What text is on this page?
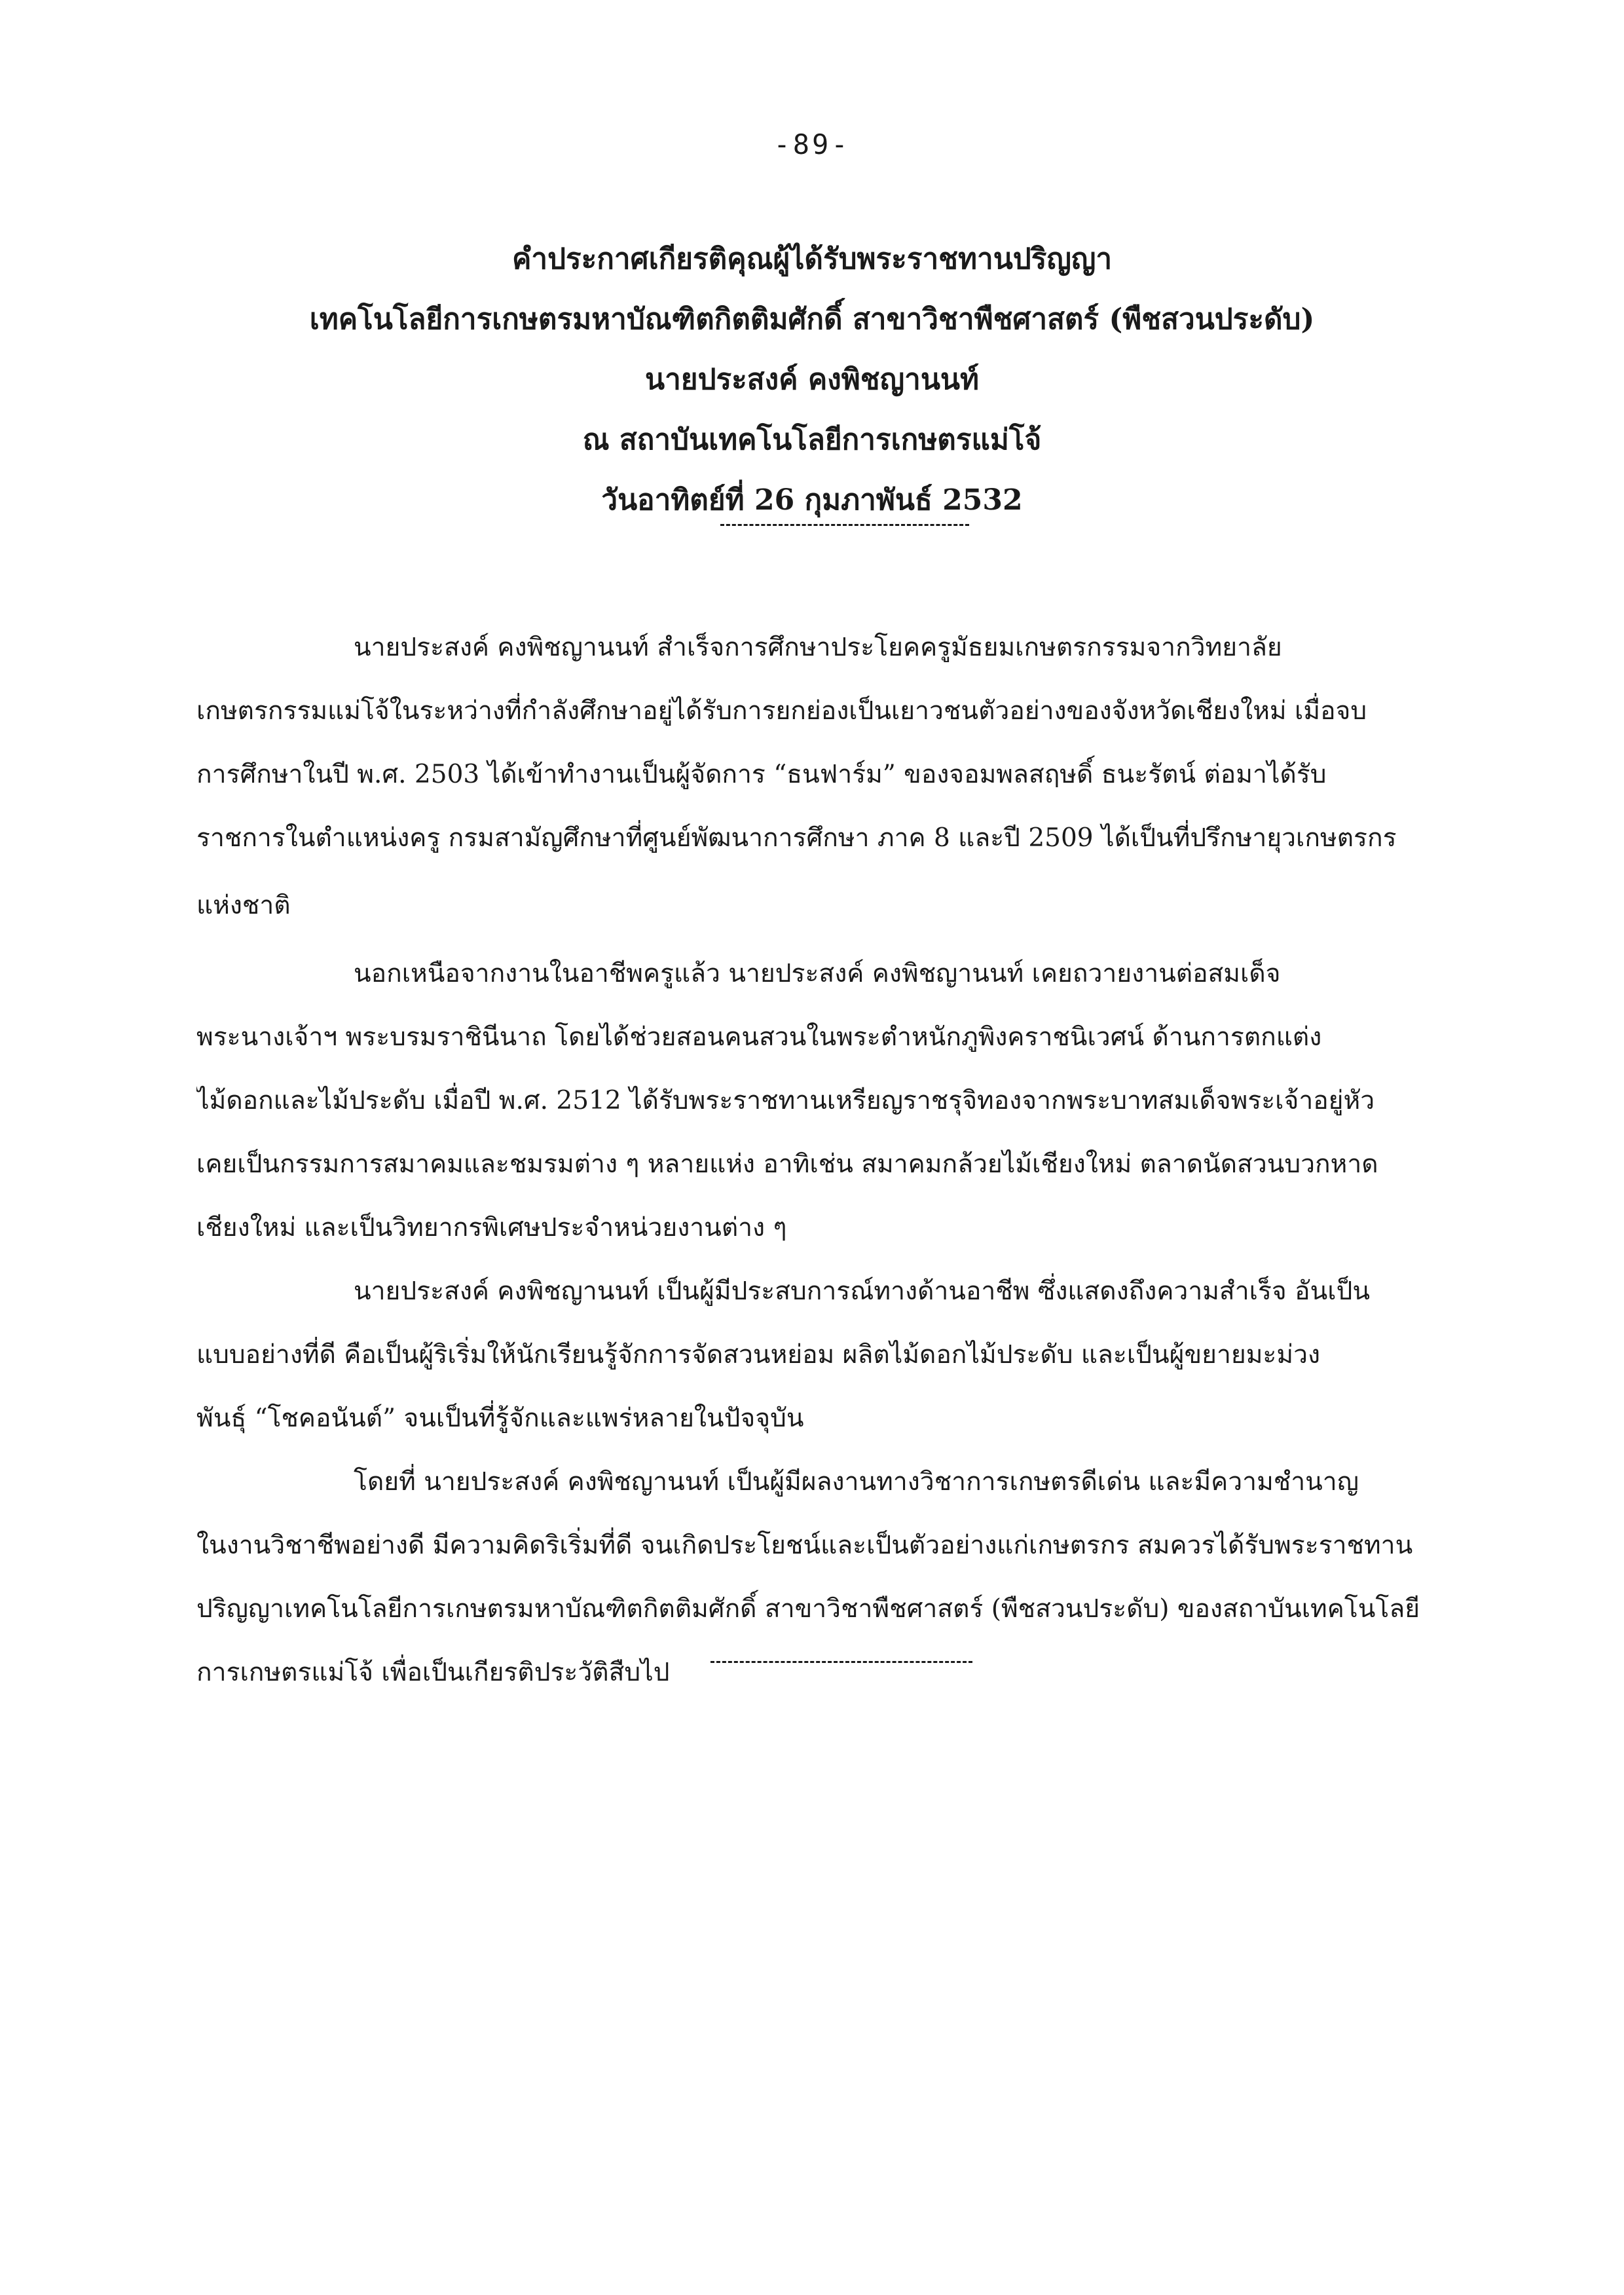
-89-
คำประกาศเกียรติคุณผู้ได้รับพระราชทานปริญญา
เทคโนโลยีการเกษตรมหาบัณฑิตกิตติมศักดิ์ สาขาวิชาพืชศาสตร์ (พืชสวนประดับ)
นายประสงค์ คงพิชญานนท์
ณ สถาบันเทคโนโลยีการเกษตรแม่โจ้
วันอาทิตย์ที่ 26 กุมภาพันธ์ 2532
นายประสงค์ คงพิชญานนท์ สำเร็จการศึกษาประโยคครูมัธยมเกษตรกรรมจากวิทยาลัย
เกษตรกรรมแม่โจ้ในระหว่างที่กำลังศึกษาอยู่ได้รับการยกย่องเป็นเยาวชนตัวอย่างของจังหวัดเชียงใหม่ เมื่อจบ
การศึกษาในปี พ.ศ. 2503 ได้เข้าทำงานเป็นผู้จัดการ “ธนฟาร์ม” ของจอมพลสฤษดิ์ ธนะรัตน์ ต่อมาได้รับ
ราชการในตำแหน่งครู กรมสามัญศึกษาที่ศูนย์พัฒนาการศึกษา ภาค 8 และปี 2509 ได้เป็นที่ปรึกษายุวเกษตรกร
แห่งชาติ
นอกเหนือจากงานในอาชีพครูแล้ว นายประสงค์ คงพิชญานนท์ เคยถวายงานต่อสมเด็จ
พระนางเจ้าฯ พระบรมราชินีนาถ โดยได้ช่วยสอนคนสวนในพระตำหนักภูพิงคราชนิเวศน์ ด้านการตกแต่ง
ไม้ดอกและไม้ประดับ เมื่อปี พ.ศ. 2512 ได้รับพระราชทานเหรียญราชรุจิทองจากพระบาทสมเด็จพระเจ้าอยู่หัว
เคยเป็นกรรมการสมาคมและชมรมต่าง ๆ หลายแห่ง อาทิเช่น สมาคมกล้วยไม้เชียงใหม่ ตลาดนัดสวนบวกหาด
เชียงใหม่ และเป็นวิทยากรพิเศษประจำหน่วยงานต่าง ๆ
นายประสงค์ คงพิชญานนท์ เป็นผู้มีประสบการณ์ทางด้านอาชีพ ซึ่งแสดงถึงความสำเร็จ อันเป็น
แบบอย่างที่ดี คือเป็นผู้ริเริ่มให้นักเรียนรู้จักการจัดสวนหย่อม ผลิตไม้ดอกไม้ประดับ และเป็นผู้ขยายมะม่วง
พันธุ์ “โชคอนันต์” จนเป็นที่รู้จักและแพร่หลายในปัจจุบัน
โดยที่ นายประสงค์ คงพิชญานนท์ เป็นผู้มีผลงานทางวิชาการเกษตรดีเด่น และมีความชำนาญ
ในงานวิชาชีพอย่างดี มีความคิดริเริ่มที่ดี จนเกิดประโยชน์และเป็นตัวอย่างแก่เกษตรกร สมควรได้รับพระราชทาน
ปริญญาเทคโนโลยีการเกษตรมหาบัณฑิตกิตติมศักดิ์ สาขาวิชาพืชศาสตร์ (พืชสวนประดับ) ของสถาบันเทคโนโลยี
การเกษตรแม่โจ้ เพื่อเป็นเกียรติประวัติสืบไป
